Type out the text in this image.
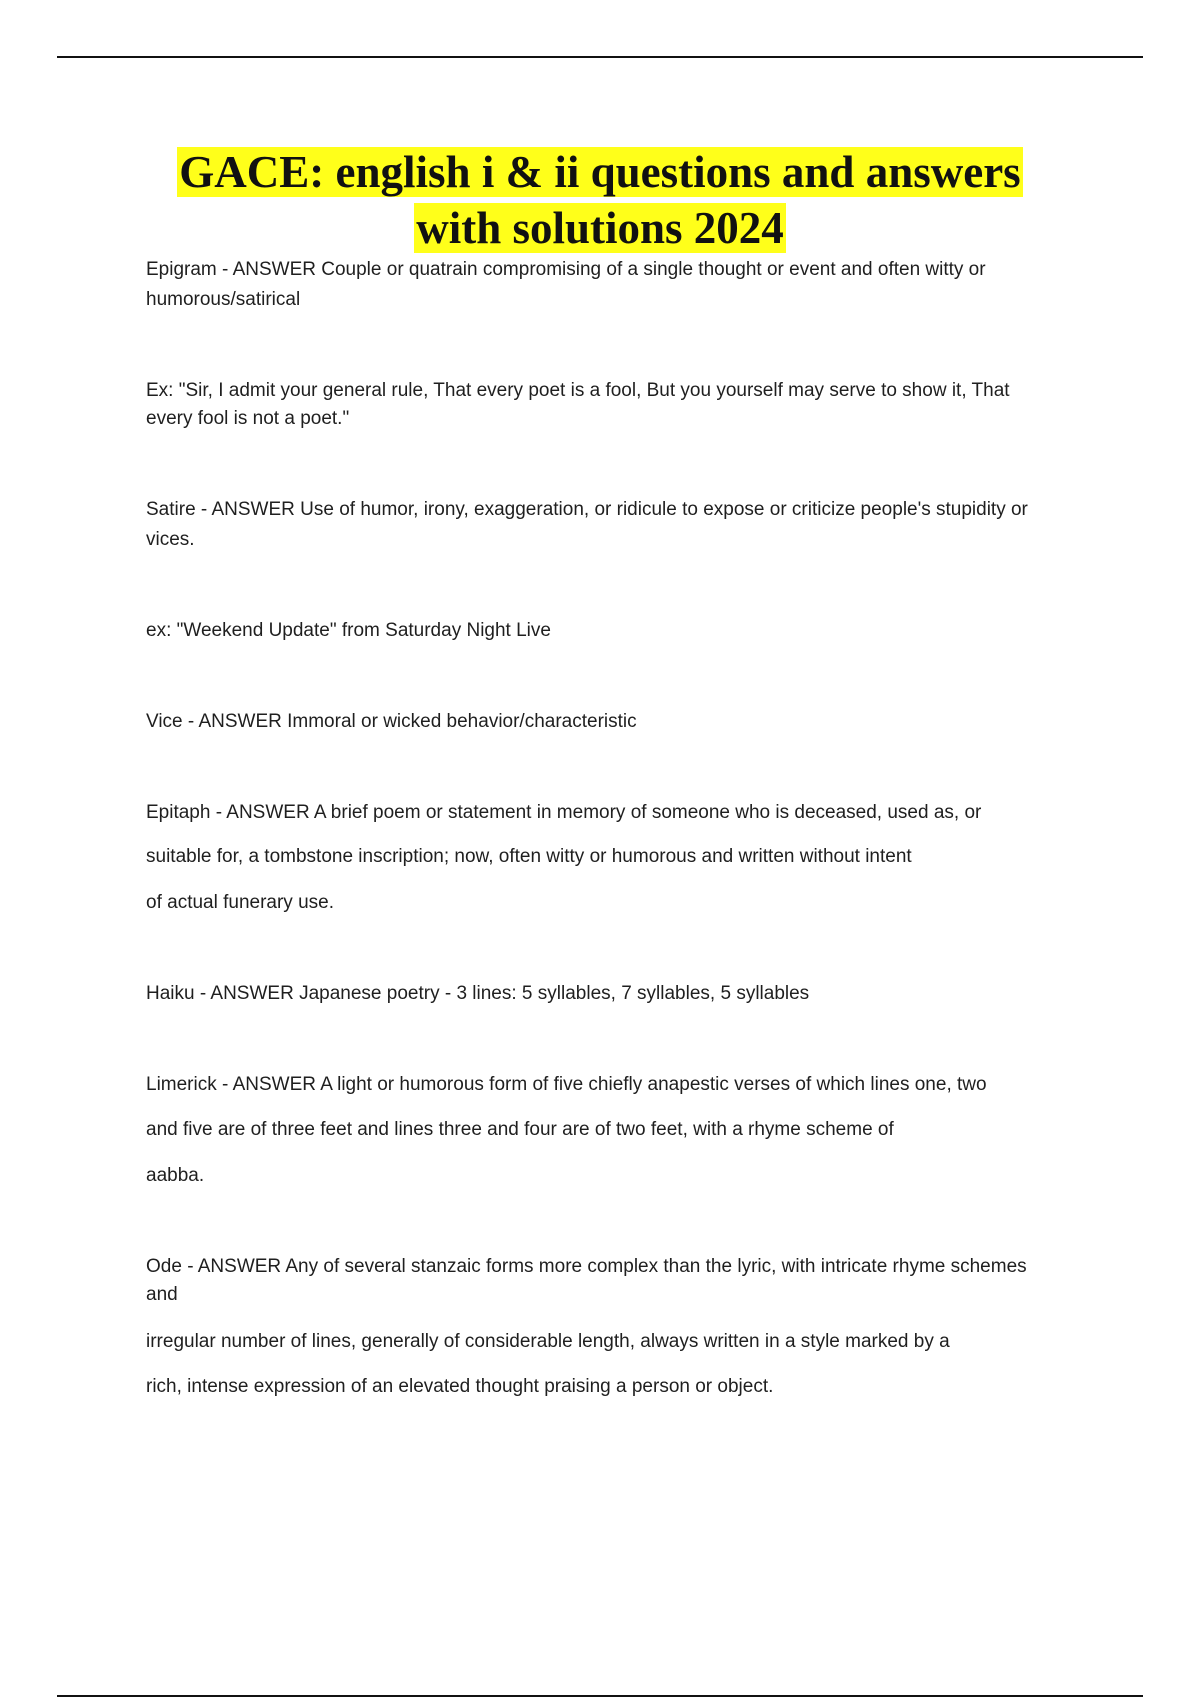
GACE: english i & ii questions and answers
with solutions 2024
Epigram - ANSWER Couple or quatrain compromising of a single thought or event and often witty or
humorous/satirical
Ex: "Sir, I admit your general rule, That every poet is a fool, But you yourself may serve to show it, That
every fool is not a poet."
Satire - ANSWER Use of humor, irony, exaggeration, or ridicule to expose or criticize people's stupidity or
vices.
ex: "Weekend Update" from Saturday Night Live
Vice - ANSWER Immoral or wicked behavior/characteristic
Epitaph - ANSWER A brief poem or statement in memory of someone who is deceased, used as, or
suitable for, a tombstone inscription; now, often witty or humorous and written without intent
of actual funerary use.
Haiku - ANSWER Japanese poetry - 3 lines: 5 syllables, 7 syllables, 5 syllables
Limerick - ANSWER A light or humorous form of five chiefly anapestic verses of which lines one, two
and five are of three feet and lines three and four are of two feet, with a rhyme scheme of
aabba.
Ode - ANSWER Any of several stanzaic forms more complex than the lyric, with intricate rhyme schemes
and
irregular number of lines, generally of considerable length, always written in a style marked by a
rich, intense expression of an elevated thought praising a person or object.
